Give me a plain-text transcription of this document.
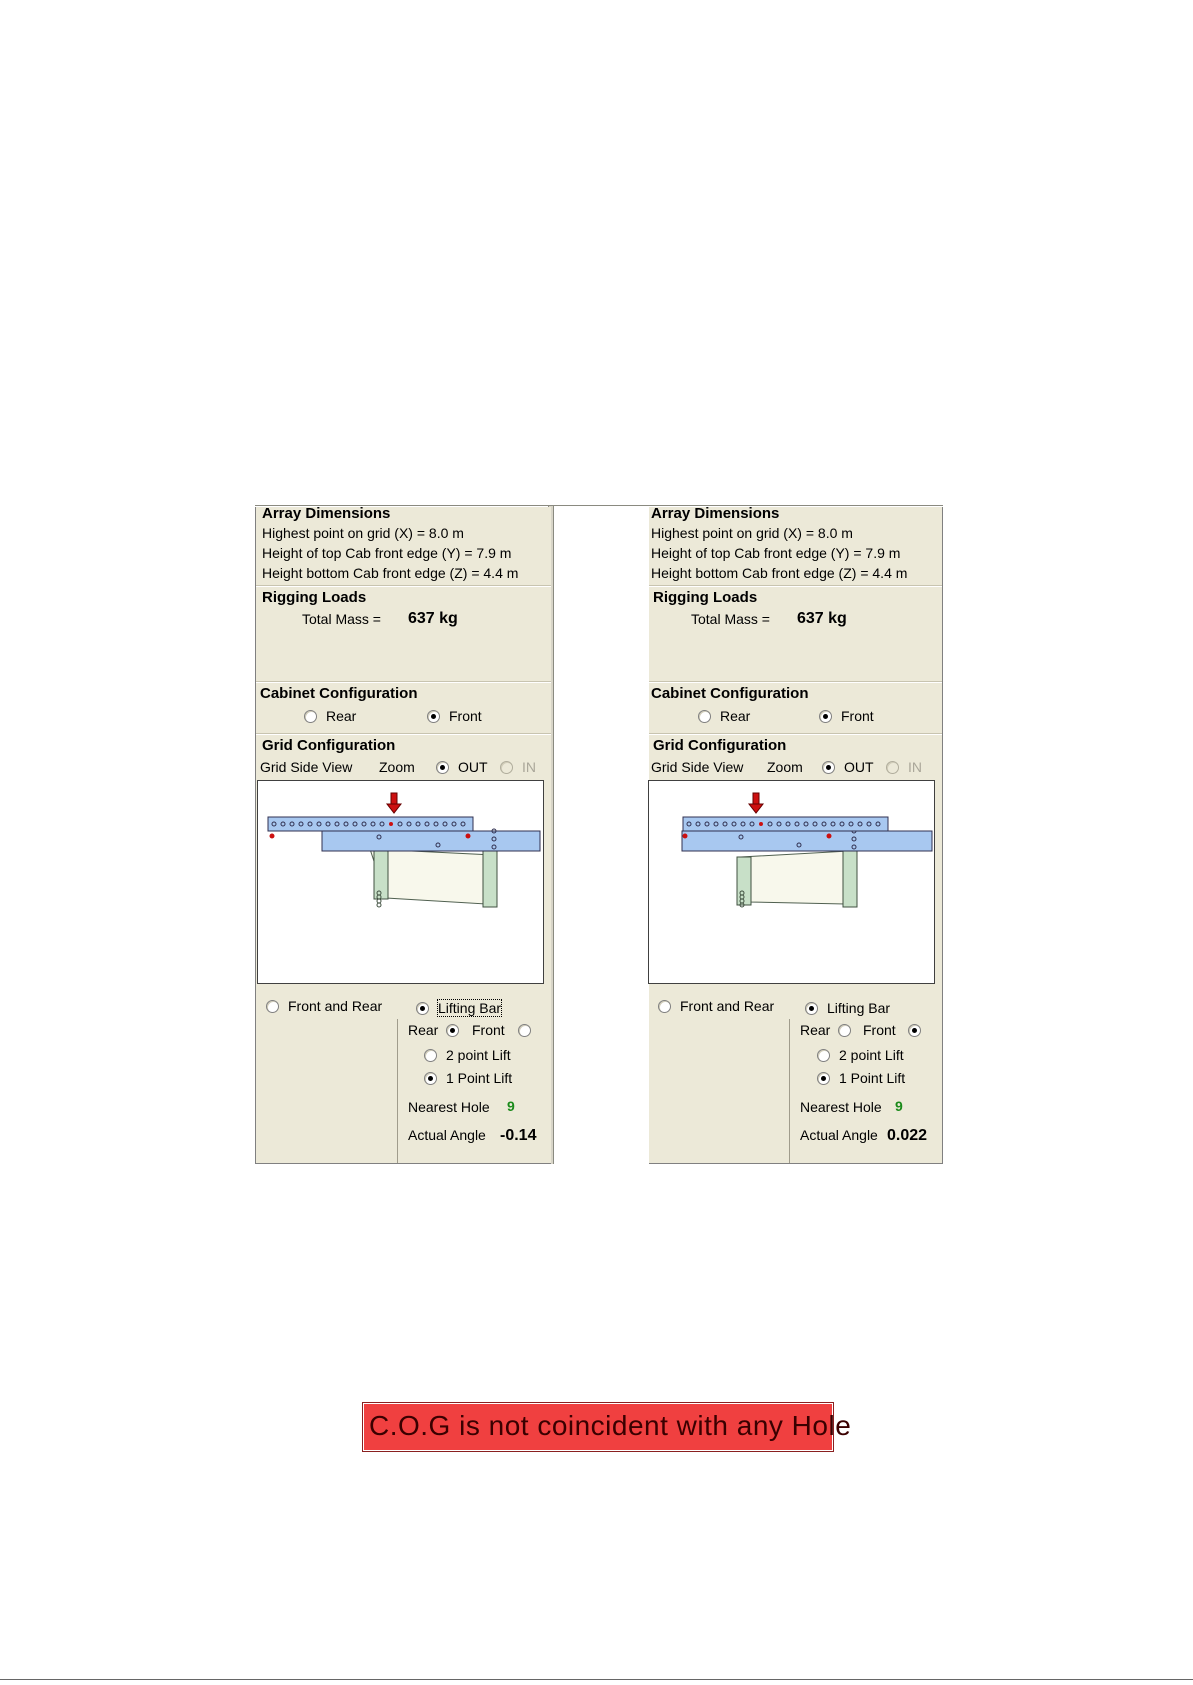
Array Dimensions
Highest point on grid (X) = 8.0 m
Height of top Cab front edge (Y) = 7.9 m
Height bottom Cab front edge (Z) = 4.4 m
Rigging Loads
Total Mass = 637 kg
Cabinet Configuration
Rear	Front
Grid Configuration
Grid Side View Zoom	OUT IN
Front and Rear	Lifting Bar
Rear Front
2 point Lift
1 Point Lift
Nearest Hole 9
Actual Angle -0.14
Array Dimensions
Highest point on grid (X) = 8.0 m
Height of top Cab front edge (Y) = 7.9 m
Height bottom Cab front edge (Z) = 4.4 m
Rigging Loads
Total Mass = 637 kg
Cabinet Configuration
Rear	Front
Grid Configuration
Grid Side View Zoom	OUT IN
Front and Rear	Lifting Bar
Rear Front
2 point Lift
1 Point Lift
Nearest Hole 9
Actual Angle 0.022
C.O.G is not coincident with any Hole
